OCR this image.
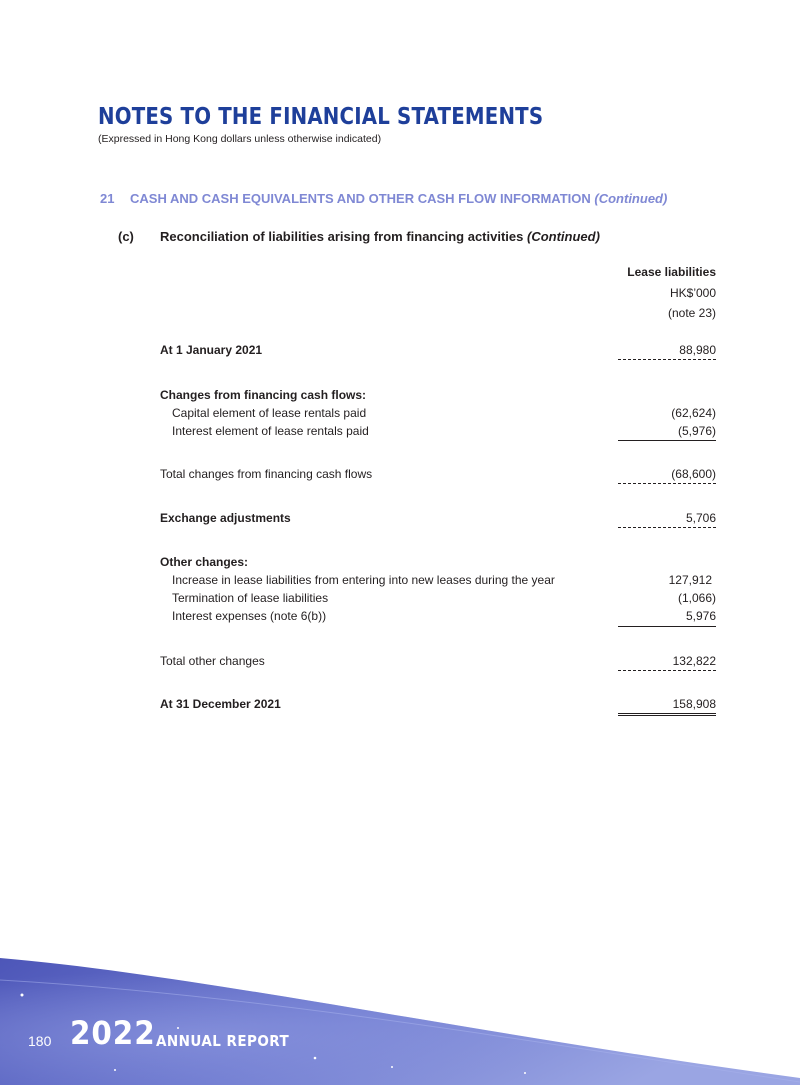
NOTES TO THE FINANCIAL STATEMENTS
(Expressed in Hong Kong dollars unless otherwise indicated)
21 CASH AND CASH EQUIVALENTS AND OTHER CASH FLOW INFORMATION (Continued)
(c) Reconciliation of liabilities arising from financing activities (Continued)
Lease liabilities
HK$’000
(note 23)
At 1 January 2021	88,980
Changes from financing cash flows:
Capital element of lease rentals paid	(62,624)
Interest element of lease rentals paid	(5,976)
Total changes from financing cash flows	(68,600)
Exchange adjustments	5,706
Other changes:
Increase in lease liabilities from entering into new leases during the year	127,912
Termination of lease liabilities	(1,066)
Interest expenses (note 6(b))	5,976
Total other changes	132,822
At 31 December 2021	158,908
180 2022 ANNUAL REPORT
